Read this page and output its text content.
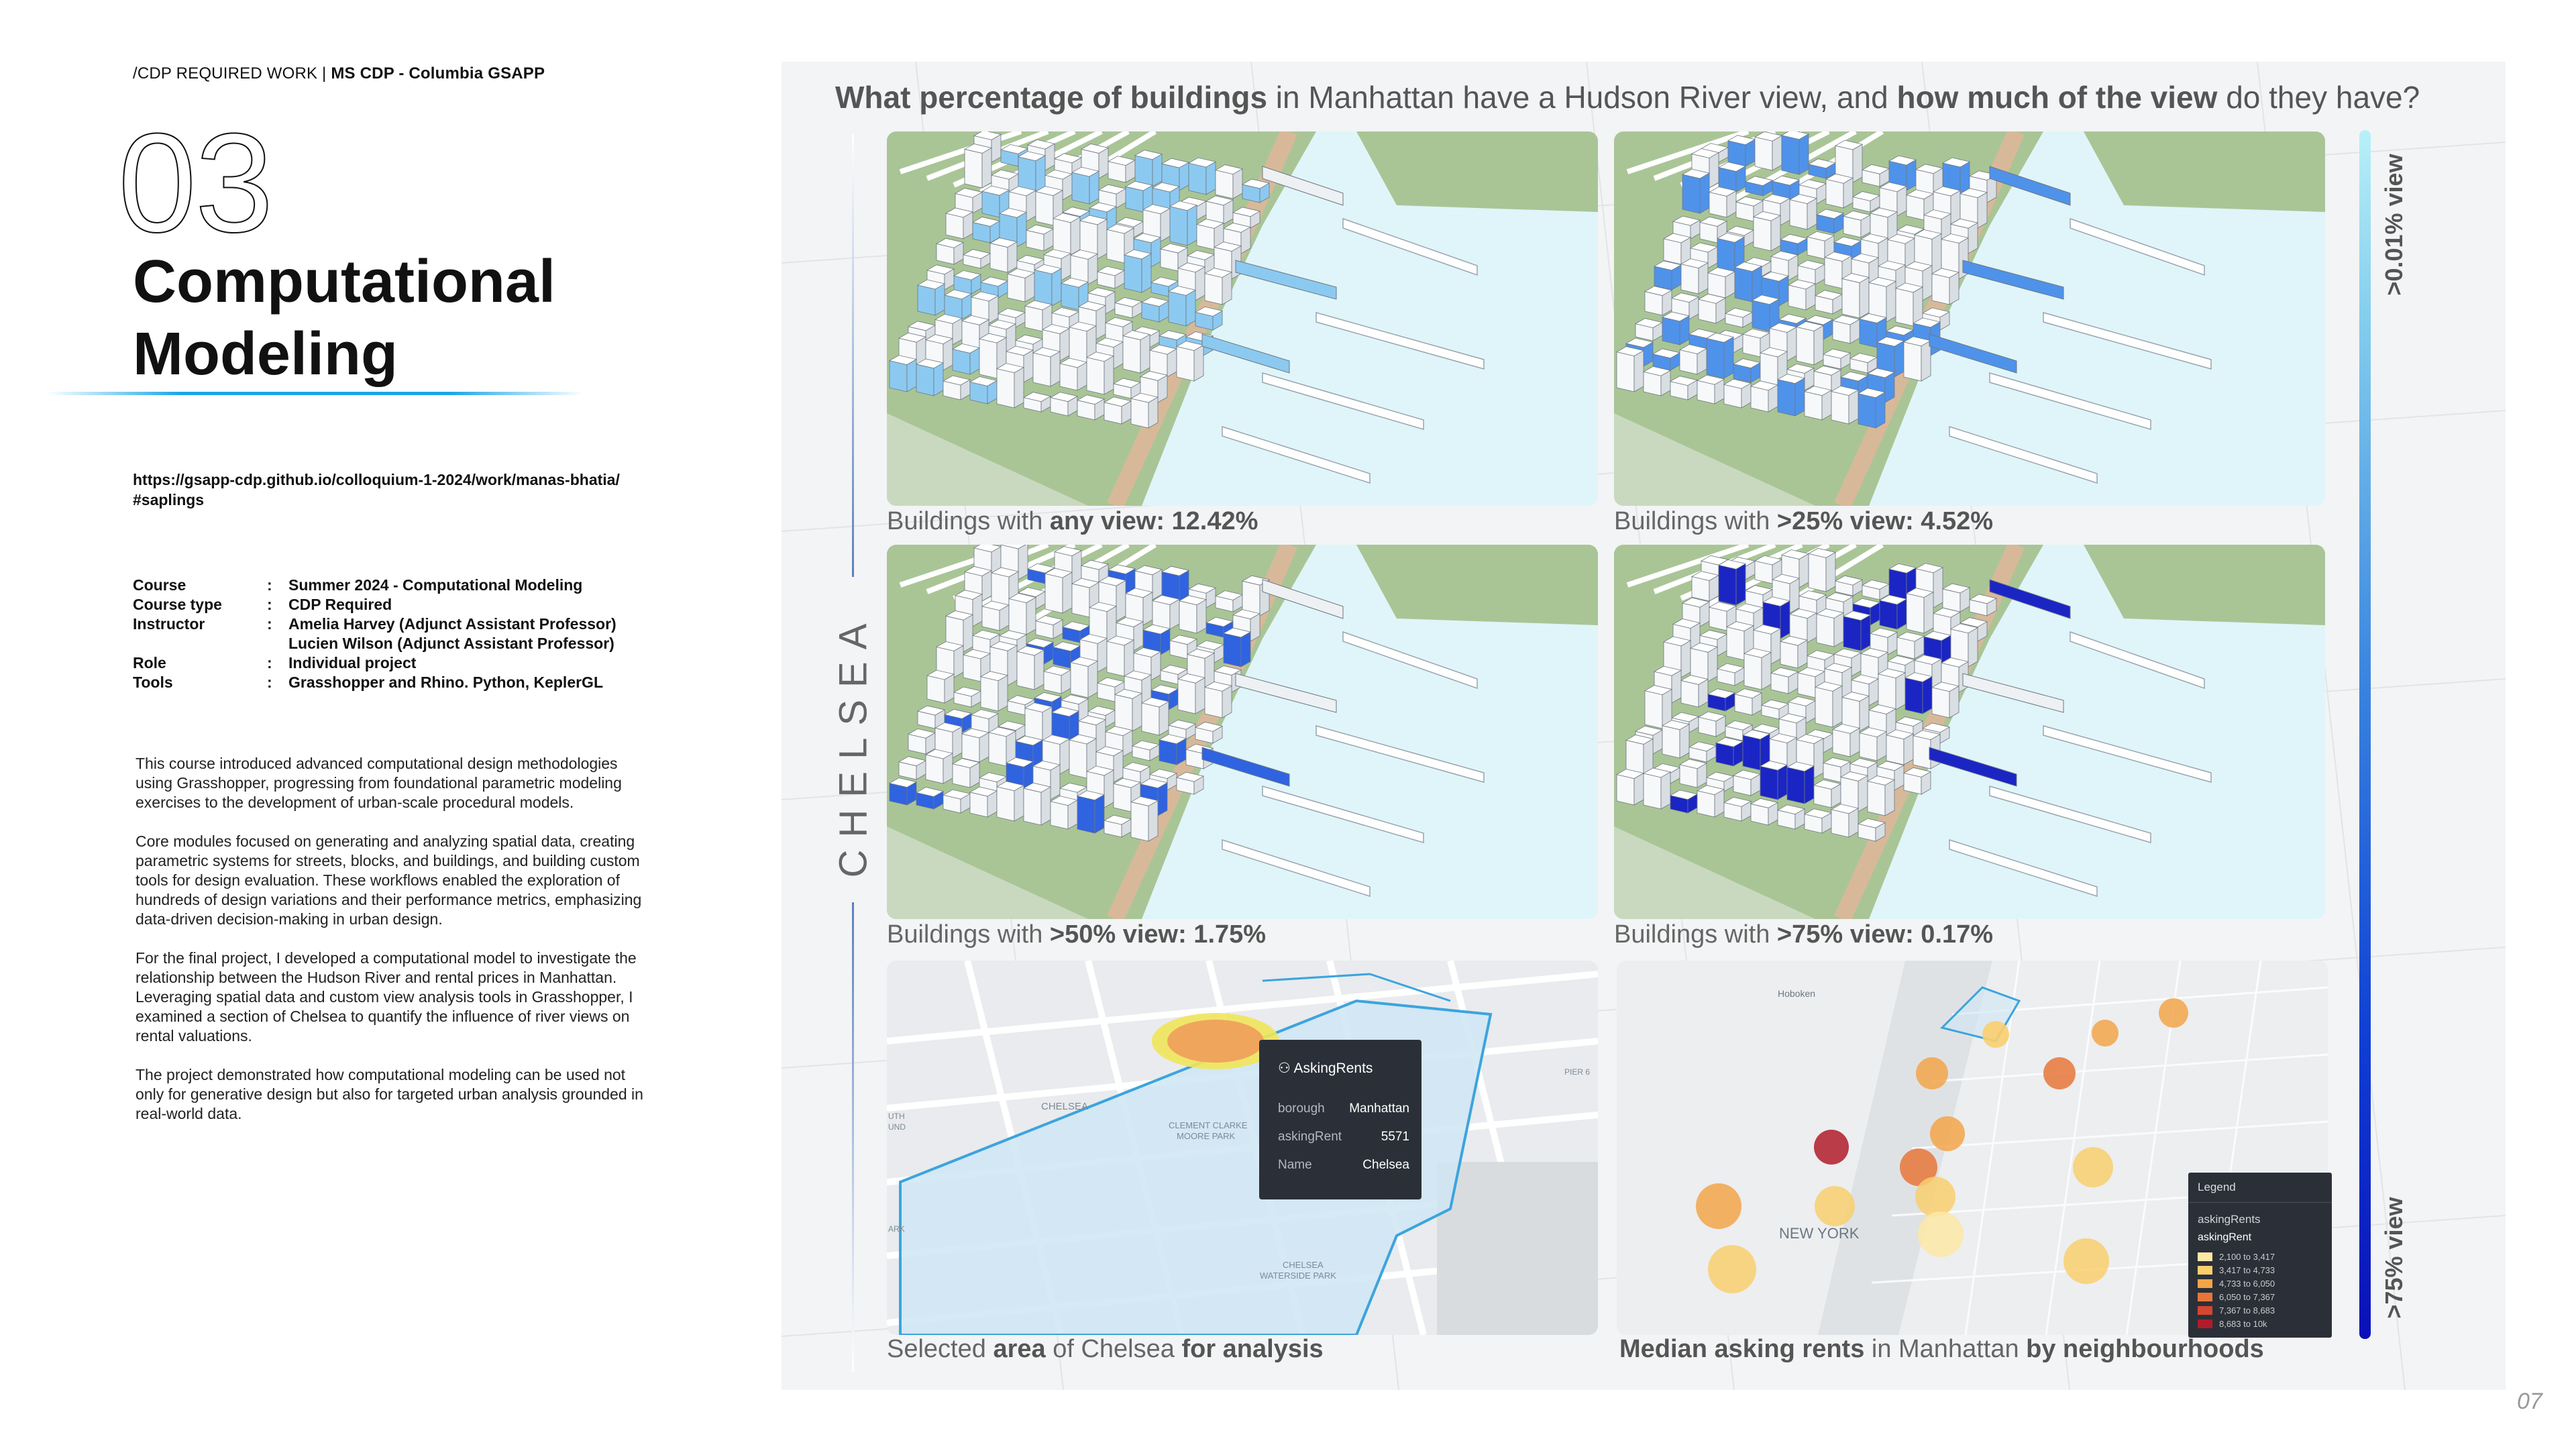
/CDP REQUIRED WORK | MS CDP - Columbia GSAPP
03
Computational
Modeling
https://gsapp-cdp.github.io/colloquium-1-2024/work/manas-bhatia/
#saplings
Course	:	Summer 2024 - Computational Modeling
Course type	:	CDP Required
Instructor	:	Amelia Harvey (Adjunct Assistant Professor)
Lucien Wilson (Adjunct Assistant Professor)
Role	:	Individual project
Tools	:	Grasshopper and Rhino. Python, KeplerGL

This course introduced advanced computational design methodologies using Grasshopper, progressing from foundational parametric modeling exercises to the development of urban-scale procedural models.

Core modules focused on generating and analyzing spatial data, creating parametric systems for streets, blocks, and buildings, and building custom tools for design evaluation. These workflows enabled the exploration of hundreds of design variations and their performance metrics, emphasizing data-driven decision-making in urban design.

For the final project, I developed a computational model to investigate the relationship between the Hudson River and rental prices in Manhattan. Leveraging spatial data and custom view analysis tools in Grasshopper, I examined a section of Chelsea to quantify the influence of river views on rental valuations.

The project demonstrated how computational modeling can be used not only for generative design but also for targeted urban analysis grounded in real-world data.

What percentage of buildings in Manhattan have a Hudson River view, and how much of the view do they have?
CHELSEA
Buildings with any view: 12.42%	Buildings with >25% view: 4.52%
Buildings with >50% view: 1.75%	Buildings with >75% view: 0.17%
CHELSEA
CLEMENT CLARKE
MOORE PARK
CHELSEA
WATERSIDE PARK
UTH
UND
ARK
PIER 6
⚇ AskingRents
borough Manhattan
askingRent	5571
Name	Chelsea
Selected area of Chelsea for analysis
Hoboken
NEW YORK
Legend
askingRents
askingRent
2,100 to 3,417
3,417 to 4,733
4,733 to 6,050
6,050 to 7,367
7,367 to 8,683
8,683 to 10k
Median asking rents in Manhattan by neighbourhoods
>0.01% view
>75% view
07
